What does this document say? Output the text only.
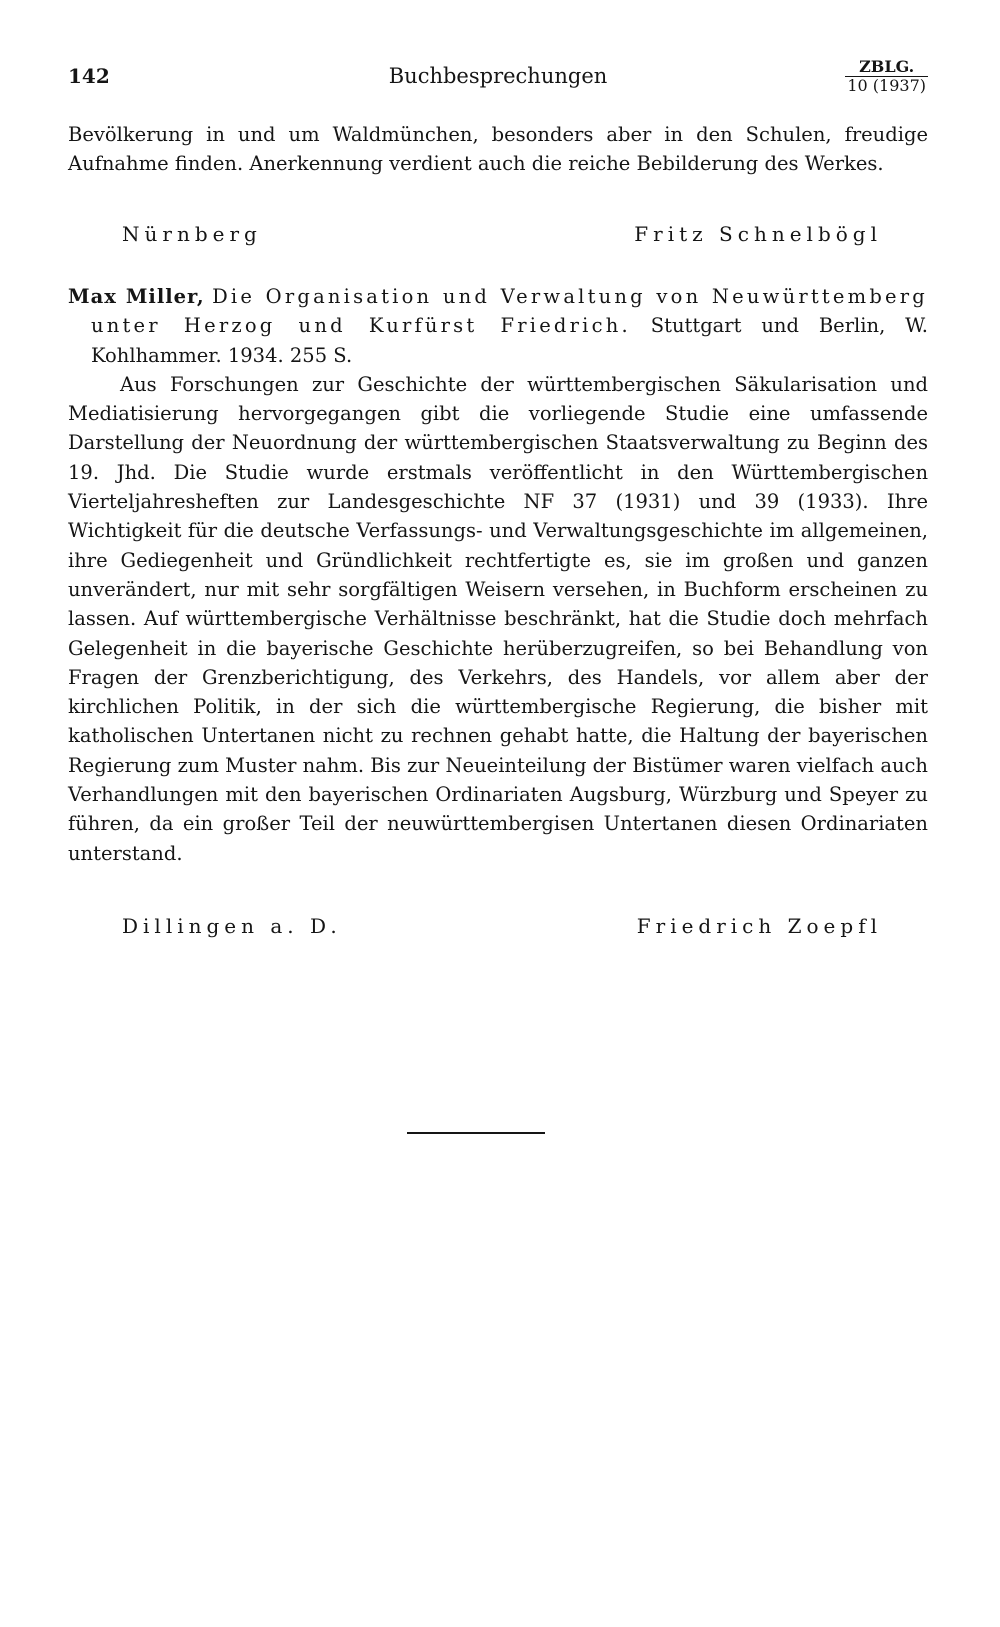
142	Buchbesprechungen	ZBLG.
10 (1937)

Bevölkerung in und um Waldmünchen, besonders aber in den Schulen, freudige Aufnahme finden. Anerkennung verdient auch die reiche Bebilderung des Werkes.

Nürnberg	Fritz Schnelbögl

Max Miller, Die Organisation und Verwaltung von Neuwürttemberg unter Herzog und Kurfürst Friedrich. Stuttgart und Berlin, W. Kohlhammer. 1934. 255 S.

Aus Forschungen zur Geschichte der württembergischen Säkularisation und Mediatisierung hervorgegangen gibt die vorliegende Studie eine umfassende Darstellung der Neuordnung der württembergischen Staatsverwaltung zu Beginn des 19. Jhd. Die Studie wurde erstmals veröffentlicht in den Württembergischen Vierteljahresheften zur Landesgeschichte NF 37 (1931) und 39 (1933). Ihre Wichtigkeit für die deutsche Verfassungs- und Verwaltungsgeschichte im allgemeinen, ihre Gediegenheit und Gründlichkeit rechtfertigte es, sie im großen und ganzen unverändert, nur mit sehr sorgfältigen Weisern versehen, in Buchform erscheinen zu lassen. Auf württembergische Verhältnisse beschränkt, hat die Studie doch mehrfach Gelegenheit in die bayerische Geschichte herüberzugreifen, so bei Behandlung von Fragen der Grenzberichtigung, des Verkehrs, des Handels, vor allem aber der kirchlichen Politik, in der sich die württembergische Regierung, die bisher mit katholischen Untertanen nicht zu rechnen gehabt hatte, die Haltung der bayerischen Regierung zum Muster nahm. Bis zur Neueinteilung der Bistümer waren vielfach auch Verhandlungen mit den bayerischen Ordinariaten Augsburg, Würzburg und Speyer zu führen, da ein großer Teil der neuwürttembergisen Untertanen diesen Ordinariaten unterstand.

Dillingen a. D.	Friedrich Zoepfl
